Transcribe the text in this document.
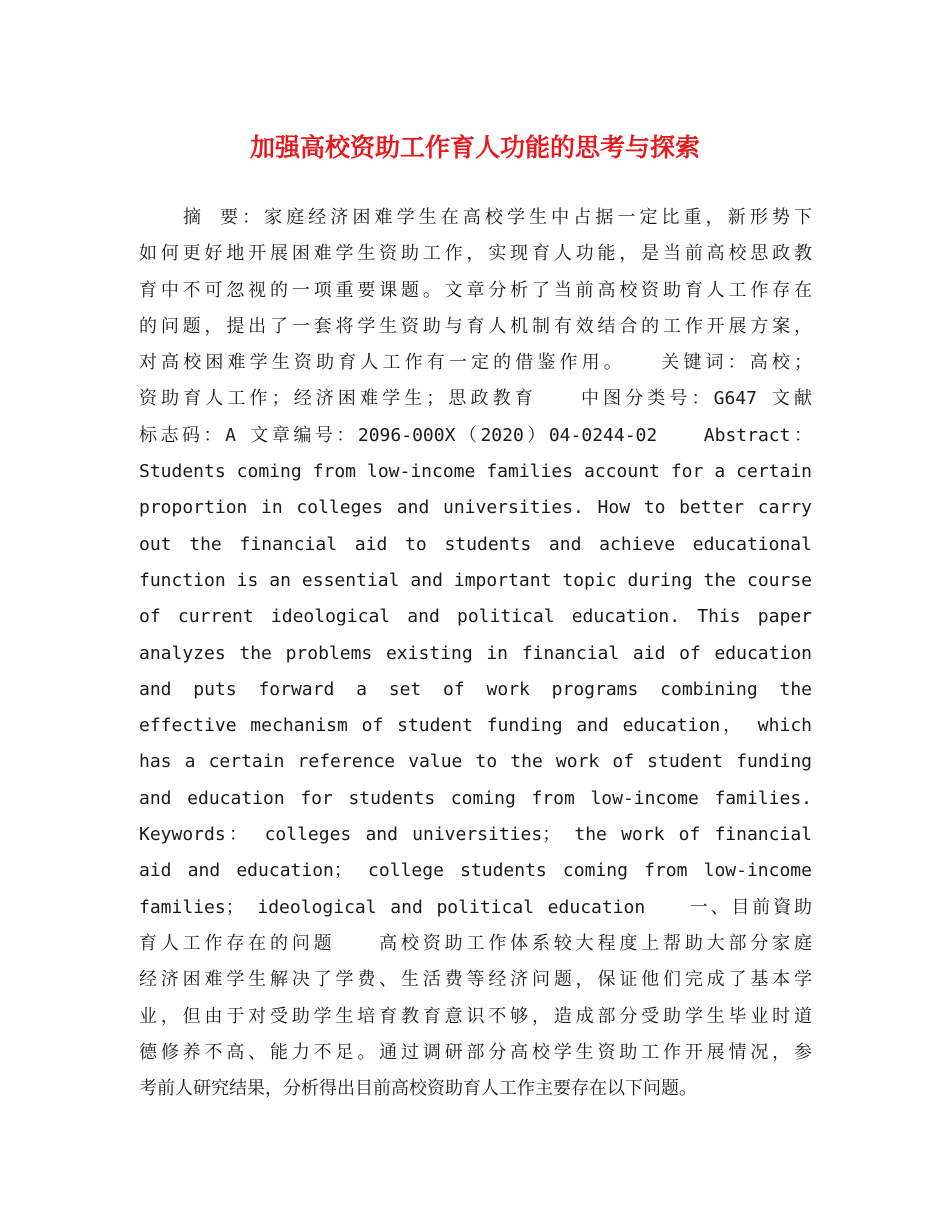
加强高校资助工作育人功能的思考与探索
摘 要：家庭经济困难学生在高校学生中占据一定比重，新形势下
如何更好地开展困难学生资助工作，实现育人功能，是当前高校思政教
育中不可忽视的一项重要课题。文章分析了当前高校资助育人工作存在
的问题，提出了一套将学生资助与育人机制有效结合的工作开展方案，
对高校困难学生资助育人工作有一定的借鉴作用。　　关键词：高校；
资助育人工作；经济困难学生；思政教育　　中图分类号：G647 文献
标志码：A 文章编号：2096-000X（2020）04-0244-02　　Abstract：
Students coming from low-income families account for a certain
proportion in colleges and universities. How to better carry
out the financial aid to students and achieve educational
function is an essential and important topic during the course
of current ideological and political education. This paper
analyzes the problems existing in financial aid of education
and puts forward a set of work programs combining the
effective mechanism of student funding and education， which
has a certain reference value to the work of student funding
and education for students coming from low-income families.
Keywords： colleges and universities； the work of financial
aid and education； college students coming from low-income
families； ideological and political education　　一、目前資助
育人工作存在的问题　　高校资助工作体系较大程度上帮助大部分家庭
经济困难学生解决了学费、生活费等经济问题，保证他们完成了基本学
业，但由于对受助学生培育教育意识不够，造成部分受助学生毕业时道
德修养不高、能力不足。通过调研部分高校学生资助工作开展情况，参
考前人研究结果，分析得出目前高校资助育人工作主要存在以下问题。
